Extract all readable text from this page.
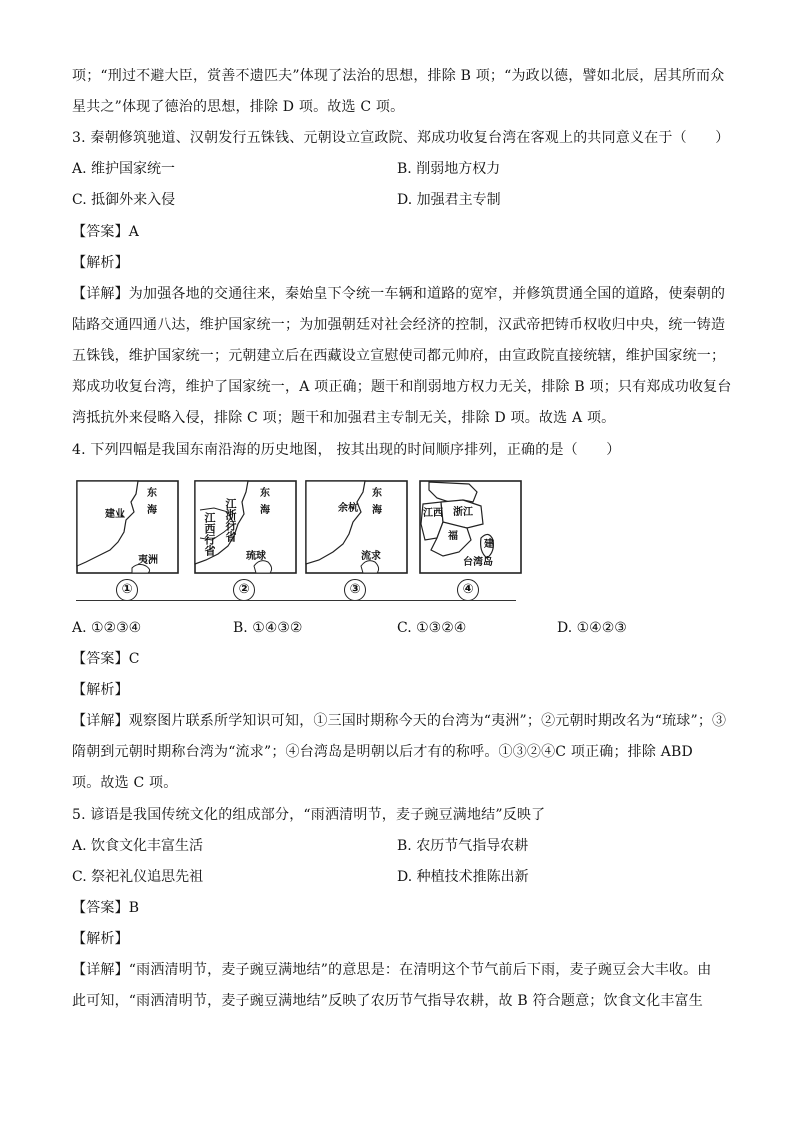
项；“刑过不避大臣，赏善不遗匹夫”体现了法治的思想，排除 B 项；“为政以德，譬如北辰，居其所而众
星共之”体现了德治的思想，排除 D 项。故选 C 项。
3. 秦朝修筑驰道、汉朝发行五铢钱、元朝设立宣政院、郑成功收复台湾在客观上的共同意义在于（　　）
A. 维护国家统一	B. 削弱地方权力
C. 抵御外来入侵	D. 加强君主专制
【答案】A
【解析】
【详解】为加强各地的交通往来，秦始皇下令统一车辆和道路的宽窄，并修筑贯通全国的道路，使秦朝的
陆路交通四通八达，维护国家统一；为加强朝廷对社会经济的控制，汉武帝把铸币权收归中央，统一铸造
五铢钱，维护国家统一；元朝建立后在西藏设立宣慰使司都元帅府，由宣政院直接统辖，维护国家统一；
郑成功收复台湾，维护了国家统一，A 项正确；题干和削弱地方权力无关，排除 B 项；只有郑成功收复台
湾抵抗外来侵略入侵，排除 C 项；题干和加强君主专制无关，排除 D 项。故选 A 项。
4. 下列四幅是我国东南沿海的历史地图， 按其出现的时间顺序排列，正确的是（　　）
东
海
建业
夷洲
①
东
海
江浙行省
江西行省
琉球
②
东
海
余杭
流求
③
江西 浙江
福
建
台湾岛
④
A. ①②③④	B. ①④③②	C. ①③②④	D. ①④②③
【答案】C
【解析】
【详解】观察图片联系所学知识可知，①三国时期称今天的台湾为“夷洲”；②元朝时期改名为“琉球”；③
隋朝到元朝时期称台湾为“流求”；④台湾岛是明朝以后才有的称呼。①③②④C 项正确；排除 ABD
项。故选 C 项。
5. 谚语是我国传统文化的组成部分，“雨洒清明节，麦子豌豆满地结”反映了
A. 饮食文化丰富生活	B. 农历节气指导农耕
C. 祭祀礼仪追思先祖	D. 种植技术推陈出新
【答案】B
【解析】
【详解】“雨洒清明节，麦子豌豆满地结”的意思是：在清明这个节气前后下雨，麦子豌豆会大丰收。由
此可知，“雨洒清明节，麦子豌豆满地结”反映了农历节气指导农耕，故 B 符合题意；饮食文化丰富生
